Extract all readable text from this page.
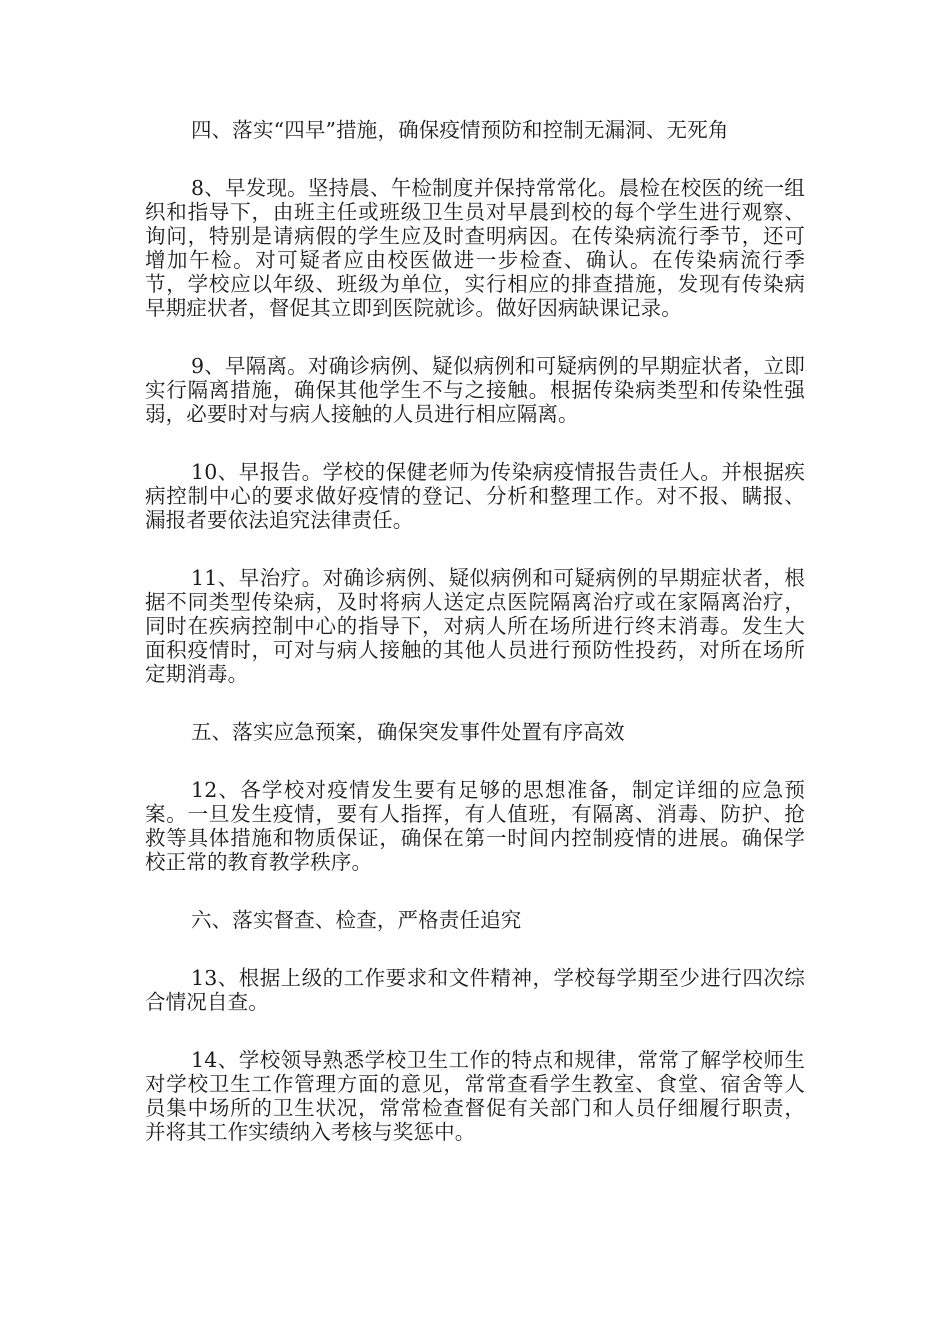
四、落实“四早”措施，确保疫情预防和控制无漏洞、无死角

8、早发现。坚持晨、午检制度并保持常常化。晨检在校医的统一组织和指导下，由班主任或班级卫生员对早晨到校的每个学生进行观察、询问，特别是请病假的学生应及时查明病因。在传染病流行季节，还可增加午检。对可疑者应由校医做进一步检查、确认。在传染病流行季节，学校应以年级、班级为单位，实行相应的排查措施，发现有传染病早期症状者，督促其立即到医院就诊。做好因病缺课记录。

9、早隔离。对确诊病例、疑似病例和可疑病例的早期症状者，立即实行隔离措施，确保其他学生不与之接触。根据传染病类型和传染性强弱，必要时对与病人接触的人员进行相应隔离。

10、早报告。学校的保健老师为传染病疫情报告责任人。并根据疾病控制中心的要求做好疫情的登记、分析和整理工作。对不报、瞒报、漏报者要依法追究法律责任。

11、早治疗。对确诊病例、疑似病例和可疑病例的早期症状者，根据不同类型传染病，及时将病人送定点医院隔离治疗或在家隔离治疗，同时在疾病控制中心的指导下，对病人所在场所进行终末消毒。发生大面积疫情时，可对与病人接触的其他人员进行预防性投药，对所在场所定期消毒。

五、落实应急预案，确保突发事件处置有序高效

12、各学校对疫情发生要有足够的思想准备，制定详细的应急预案。一旦发生疫情，要有人指挥，有人值班，有隔离、消毒、防护、抢救等具体措施和物质保证，确保在第一时间内控制疫情的进展。确保学校正常的教育教学秩序。

六、落实督查、检查，严格责任追究

13、根据上级的工作要求和文件精神，学校每学期至少进行四次综合情况自查。

14、学校领导熟悉学校卫生工作的特点和规律，常常了解学校师生对学校卫生工作管理方面的意见，常常查看学生教室、食堂、宿舍等人员集中场所的卫生状况，常常检查督促有关部门和人员仔细履行职责，并将其工作实绩纳入考核与奖惩中。
